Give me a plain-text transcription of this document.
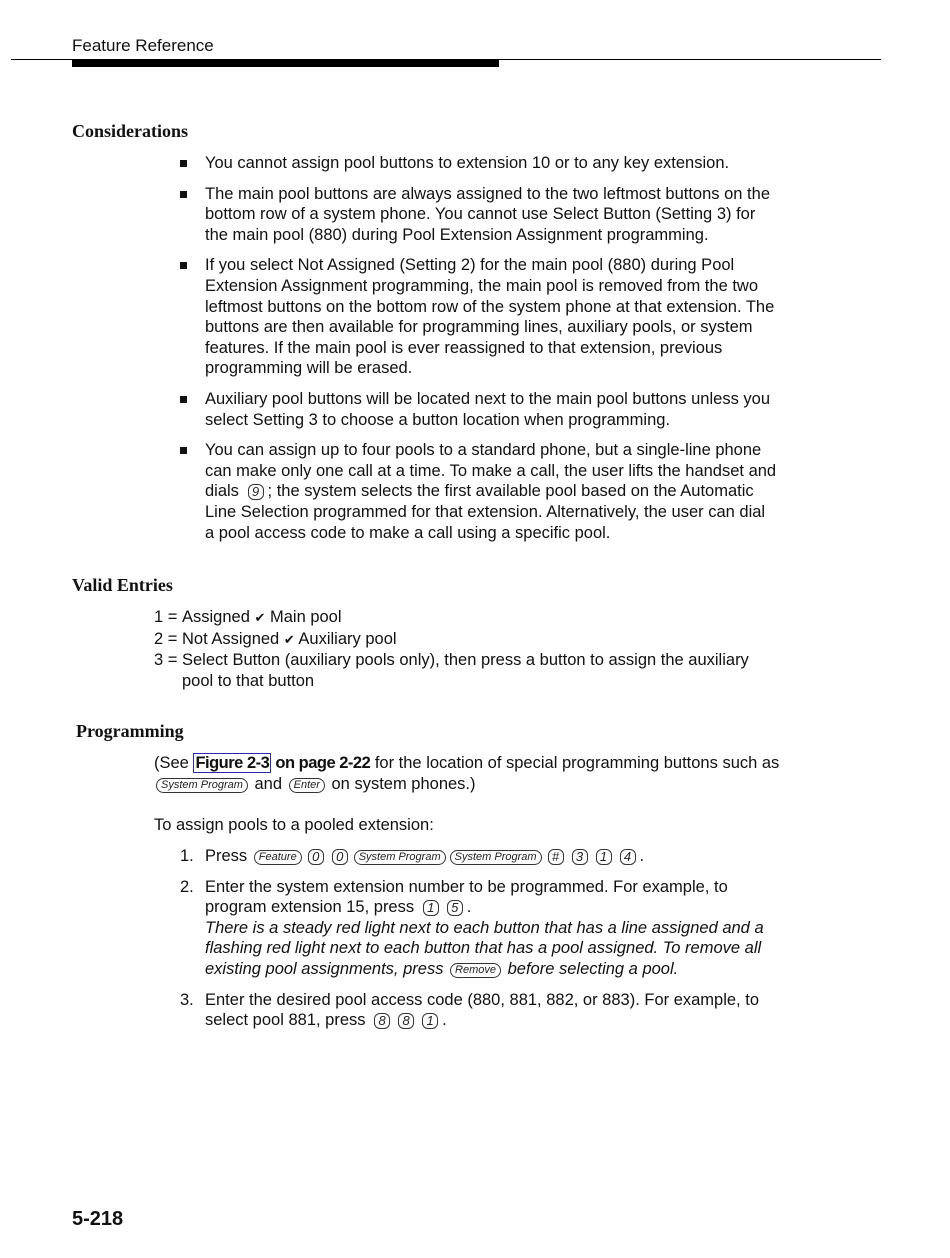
Feature Reference
Considerations
You cannot assign pool buttons to extension 10 or to any key extension.
The main pool buttons are always assigned to the two leftmost buttons on the bottom row of a system phone. You cannot use Select Button (Setting 3) for the main pool (880) during Pool Extension Assignment programming.
If you select Not Assigned (Setting 2) for the main pool (880) during Pool Extension Assignment programming, the main pool is removed from the two leftmost buttons on the bottom row of the system phone at that extension. The buttons are then available for programming lines, auxiliary pools, or system features. If the main pool is ever reassigned to that extension, previous programming will be erased.
Auxiliary pool buttons will be located next to the main pool buttons unless you select Setting 3 to choose a button location when programming.
You can assign up to four pools to a standard phone, but a single-line phone can make only one call at a time. To make a call, the user lifts the handset and dials 9 ; the system selects the first available pool based on the Automatic Line Selection programmed for that extension. Alternatively, the user can dial a pool access code to make a call using a specific pool.
Valid Entries
1 = Assigned ✔ Main pool
2 = Not Assigned ✔ Auxiliary pool
3 = Select Button (auxiliary pools only), then press a button to assign the auxiliary pool to that button
Programming
(See Figure 2-3 on page 2-22 for the location of special programming buttons such as System Program and Enter on system phones.)
To assign pools to a pooled extension:
1. Press Feature 0 0 System Program System Program # 3 1 4 .
2. Enter the system extension number to be programmed. For example, to program extension 15, press 1 5 .
There is a steady red light next to each button that has a line assigned and a flashing red light next to each button that has a pool assigned. To remove all existing pool assignments, press Remove before selecting a pool.
3. Enter the desired pool access code (880, 881, 882, or 883). For example, to select pool 881, press 8 8 1 .
5-218
